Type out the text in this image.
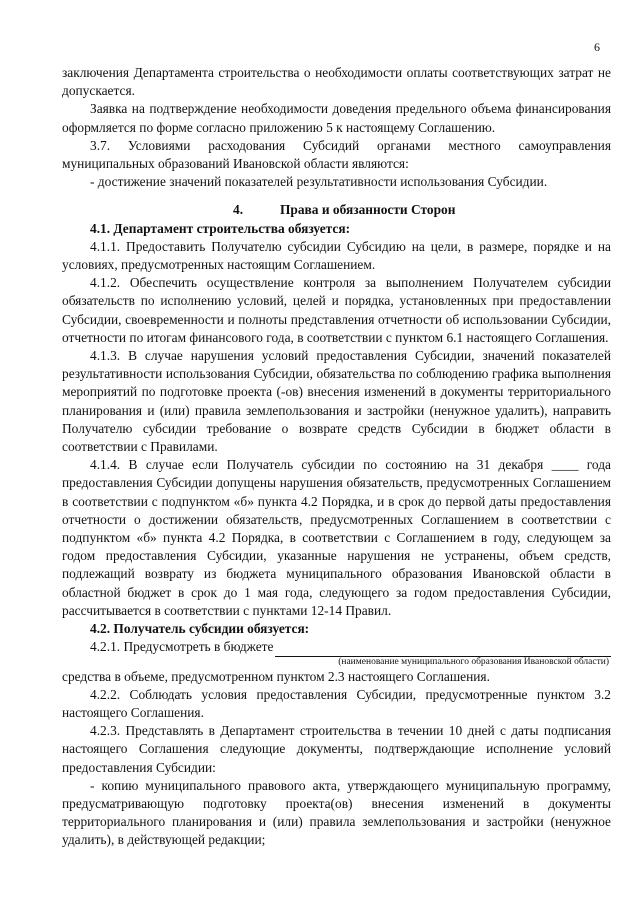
6

заключения Департамента строительства о необходимости оплаты соответствующих затрат не допускается.

Заявка на подтверждение необходимости доведения предельного объема финансирования оформляется по форме согласно приложению 5 к настоящему Соглашению.

3.7. Условиями расходования Субсидий органами местного самоуправления муниципальных образований Ивановской области являются:

- достижение значений показателей результативности использования Субсидии.

4.	Права и обязанности Сторон

4.1. Департамент строительства обязуется:

4.1.1. Предоставить Получателю субсидии Субсидию на цели, в размере, порядке и на условиях, предусмотренных настоящим Соглашением.

4.1.2. Обеспечить осуществление контроля за выполнением Получателем субсидии обязательств по исполнению условий, целей и порядка, установленных при предоставлении Субсидии, своевременности и полноты представления отчетности об использовании Субсидии, отчетности по итогам финансового года, в соответствии с пунктом 6.1 настоящего Соглашения.

4.1.3. В случае нарушения условий предоставления Субсидии, значений показателей результативности использования Субсидии, обязательства по соблюдению графика выполнения мероприятий по подготовке проекта (-ов) внесения изменений в документы территориального планирования и (или) правила землепользования и застройки (ненужное удалить), направить Получателю субсидии требование о возврате средств Субсидии в бюджет области в соответствии с Правилами.

4.1.4. В случае если Получатель субсидии по состоянию на 31 декабря ____ года предоставления Субсидии допущены нарушения обязательств, предусмотренных Соглашением в соответствии с подпунктом «б» пункта 4.2 Порядка, и в срок до первой даты предоставления отчетности о достижении обязательств, предусмотренных Соглашением в соответствии с подпунктом «б» пункта 4.2 Порядка, в соответствии с Соглашением в году, следующем за годом предоставления Субсидии, указанные нарушения не устранены, объем средств, подлежащий возврату из бюджета муниципального образования Ивановской области в областной бюджет в срок до 1 мая года, следующего за годом предоставления Субсидии, рассчитывается в соответствии с пунктами 12-14 Правил.

4.2. Получатель субсидии обязуется:

4.2.1. Предусмотреть в бюджете

(наименование муниципального образования Ивановской области)

средства в объеме, предусмотренном пунктом 2.3 настоящего Соглашения.

4.2.2. Соблюдать условия предоставления Субсидии, предусмотренные пунктом 3.2 настоящего Соглашения.

4.2.3. Представлять в Департамент строительства в течении 10 дней с даты подписания настоящего Соглашения следующие документы, подтверждающие исполнение условий предоставления Субсидии:

- копию муниципального правового акта, утверждающего муниципальную программу, предусматривающую подготовку проекта(ов) внесения изменений в документы территориального планирования и (или) правила землепользования и застройки (ненужное удалить), в действующей редакции;
